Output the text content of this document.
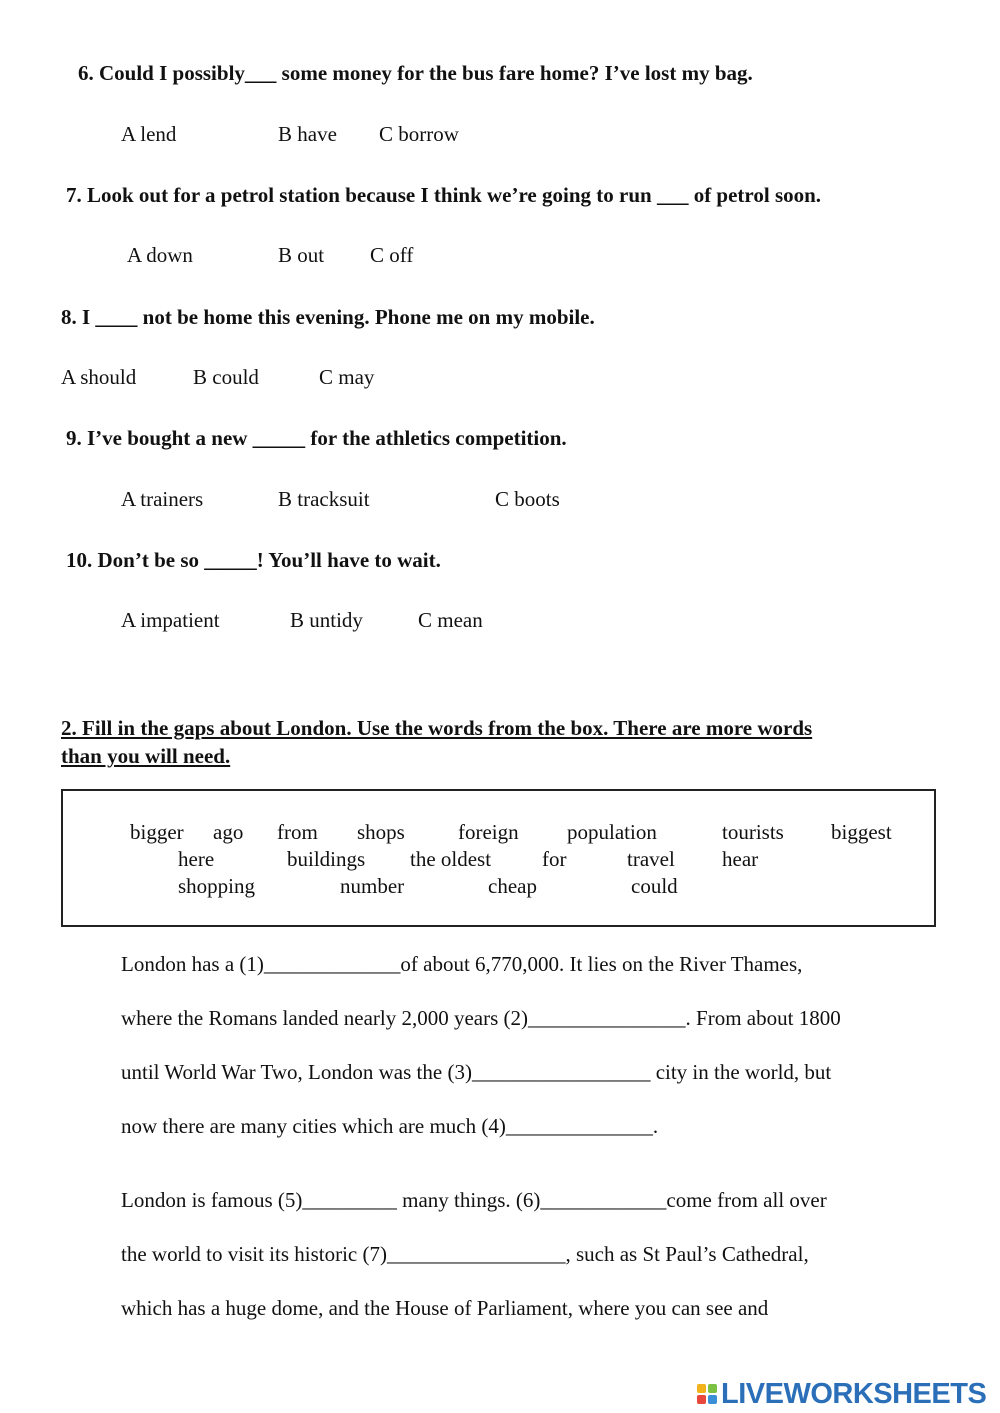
6. Could I possibly___ some money for the bus fare home? I’ve lost my bag.
A lend	B have C borrow
7. Look out for a petrol station because I think we’re going to run ___ of petrol soon.
A down	B out C off
8. I ____ not be home this evening. Phone me on my mobile.
A should	B could	C may
9. I’ve bought a new _____ for the athletics competition.
A trainers	B tracksuit	C boots
10. Don’t be so _____! You’ll have to wait.
A impatient	B untidy	C mean
2. Fill in the gaps about London. Use the words from the box. There are more words
than you will need.
bigger ago from shops	foreign population	tourists biggest
here	buildings the oldest for	travel hear
shopping	number	cheap	could
London has a (1)_____________of about 6,770,000. It lies on the River Thames,
where the Romans landed nearly 2,000 years (2)_______________. From about 1800
until World War Two, London was the (3)_________________ city in the world, but
now there are many cities which are much (4)______________.
London is famous (5)_________ many things. (6)____________come from all over
the world to visit its historic (7)_________________, such as St Paul’s Cathedral,
which has a huge dome, and the House of Parliament, where you can see and
LIVEWORKSHEETS
